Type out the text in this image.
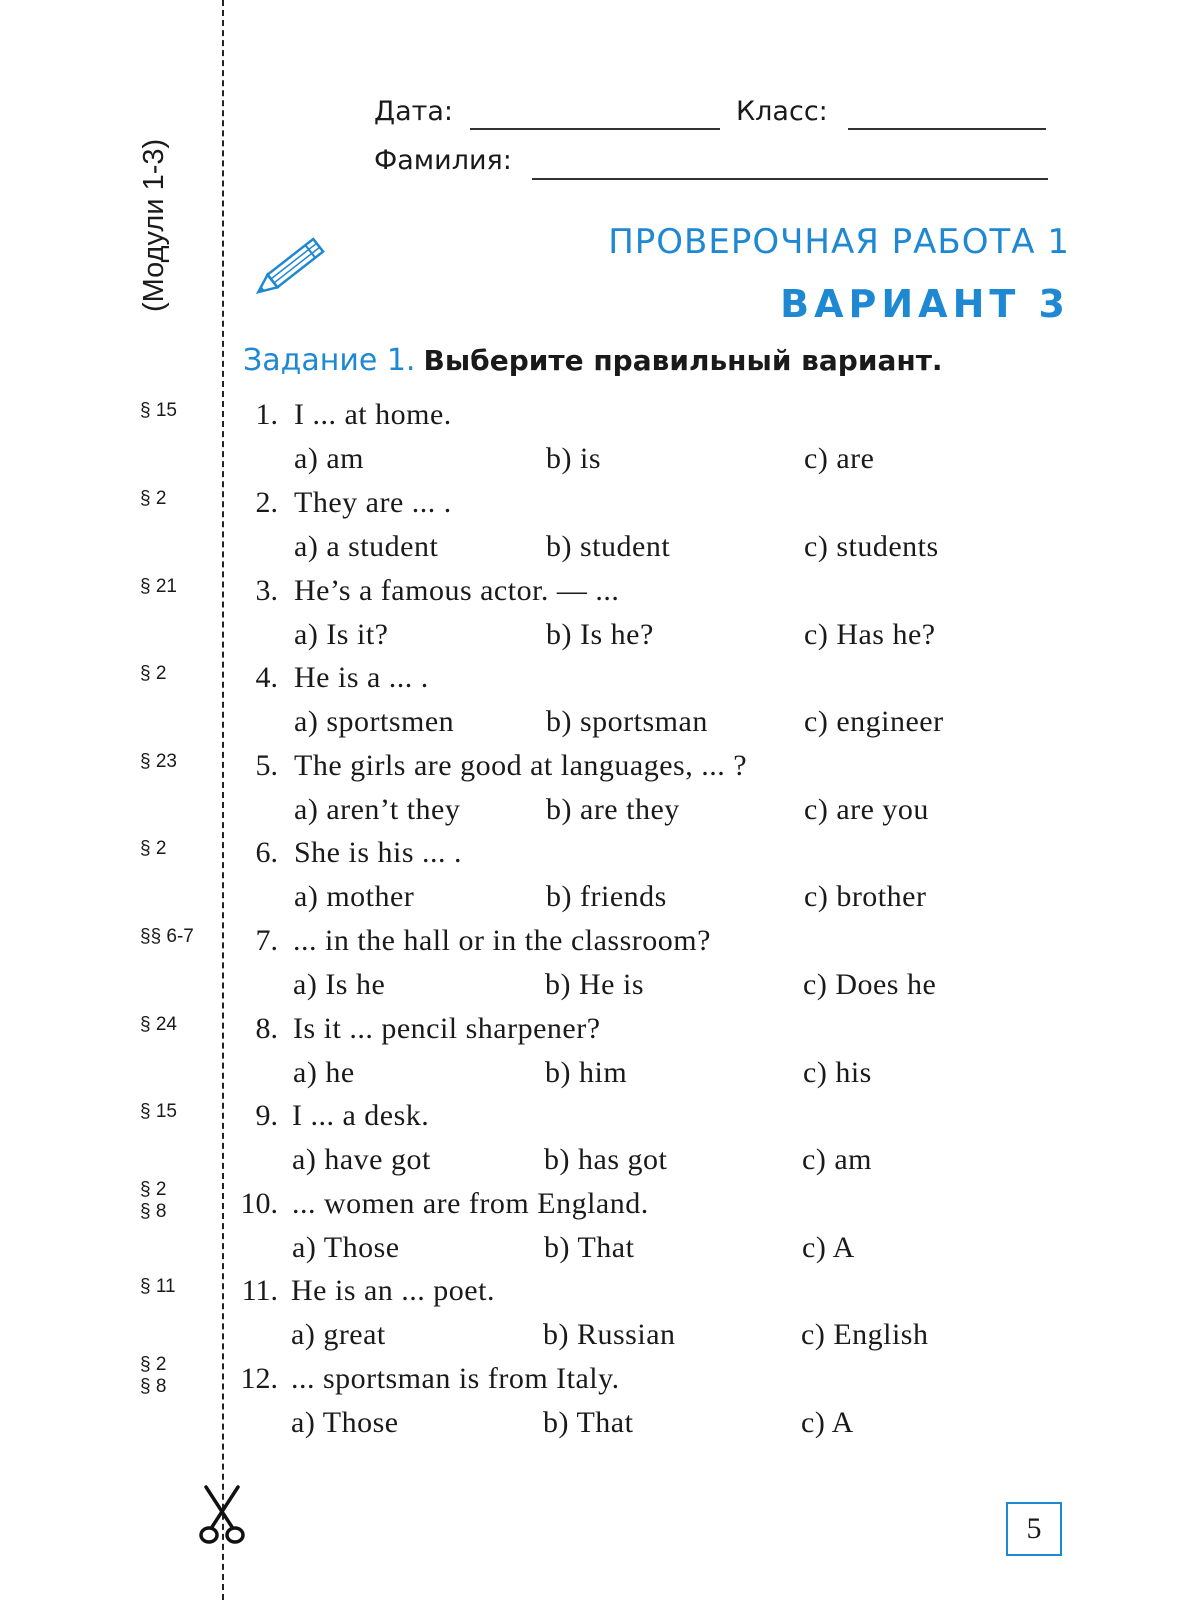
(Модули 1-3)
Дата:	Класс:
Фамилия:
ПРОВЕРОЧНАЯ РАБОТА 1
ВАРИАНТ 3
Задание 1. Выберите правильный вариант.
§ 15	1. I ... at home.
a) am	b) is	c) are
§ 2	2. They are ... .
a) a student	b) student	c) students
§ 21	3. He’s a famous actor. — ...
a) Is it?	b) Is he?	c) Has he?
§ 2	4. He is a ... .
a) sportsmen	b) sportsman	c) engineer
§ 23	5. The girls are good at languages, ... ?
a) aren’t they	b) are they	c) are you
§ 2	6. She is his ... .
a) mother	b) friends	c) brother
§§ 6-7	7. ... in the hall or in the classroom?
a) Is he	b) He is	c) Does he
§ 24	8. Is it ... pencil sharpener?
a) he	b) him	c) his
§ 15	9. I ... a desk.
a) have got	b) has got	c) am
§ 2
§ 8	10. ... women are from England.
a) Those	b) That	c) A
§ 11	11. He is an ... poet.
a) great	b) Russian	c) English
§ 2
§ 8	12. ... sportsman is from Italy.
a) Those	b) That	c) A
5
